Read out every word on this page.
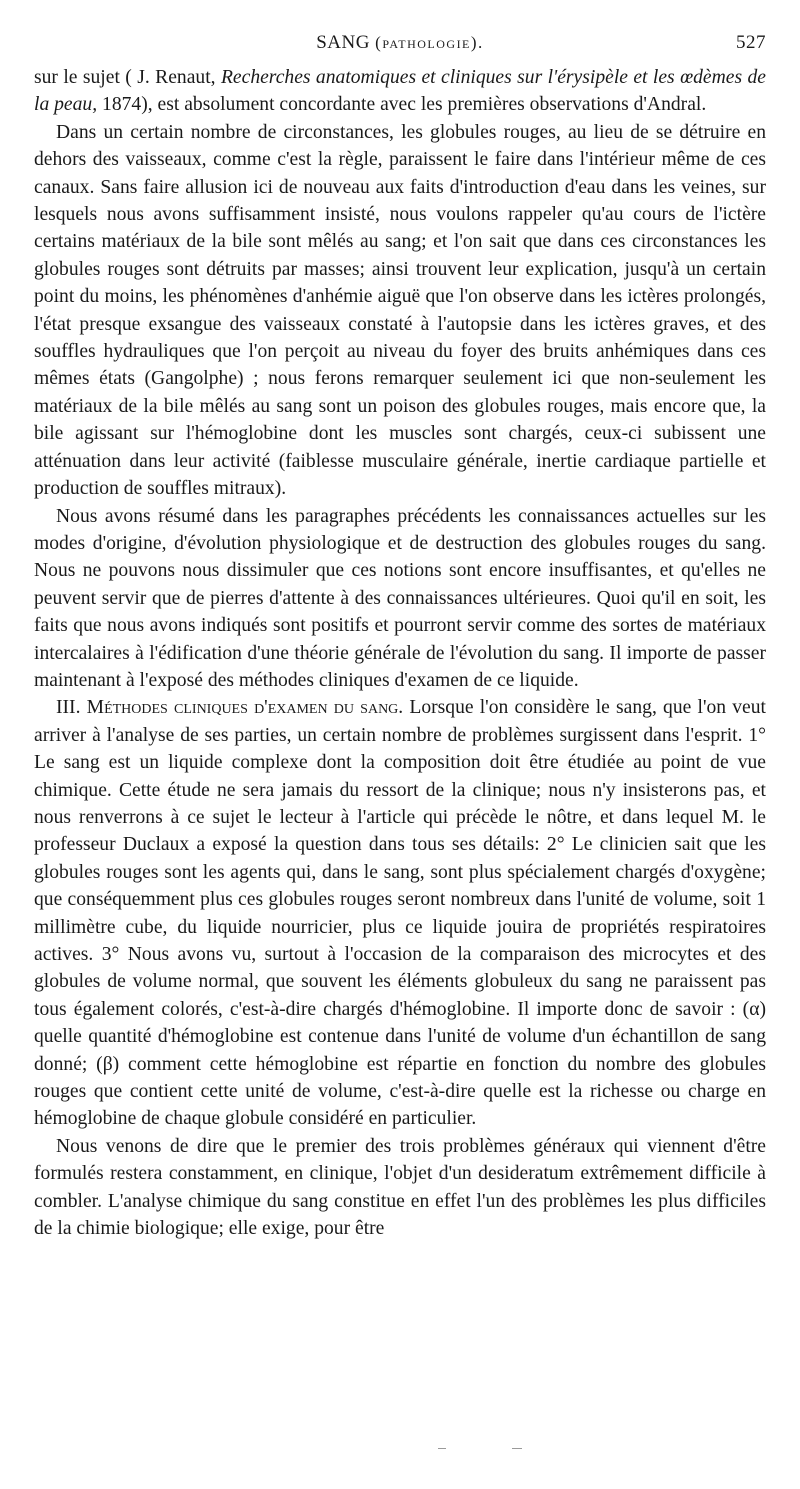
SANG (pathologie).	527

sur le sujet ( J. Renaut, Recherches anatomiques et cliniques sur l'érysipèle et les œdèmes de la peau, 1874), est absolument concordante avec les premières observations d'Andral.

Dans un certain nombre de circonstances, les globules rouges, au lieu de se détruire en dehors des vaisseaux, comme c'est la règle, paraissent le faire dans l'intérieur même de ces canaux. Sans faire allusion ici de nouveau aux faits d'introduction d'eau dans les veines, sur lesquels nous avons suffisamment insisté, nous voulons rappeler qu'au cours de l'ictère certains matériaux de la bile sont mêlés au sang; et l'on sait que dans ces circonstances les globules rouges sont détruits par masses; ainsi trouvent leur explication, jusqu'à un certain point du moins, les phénomènes d'anhémie aiguë que l'on observe dans les ictères prolongés, l'état presque exsangue des vaisseaux constaté à l'autopsie dans les ictères graves, et des souffles hydrauliques que l'on perçoit au niveau du foyer des bruits anhémiques dans ces mêmes états (Gangolphe) ; nous ferons remarquer seulement ici que non-seulement les matériaux de la bile mêlés au sang sont un poison des globules rouges, mais encore que, la bile agissant sur l'hémoglobine dont les muscles sont chargés, ceux-ci subissent une atténuation dans leur activité (faiblesse musculaire générale, inertie cardiaque partielle et production de souffles mitraux).

Nous avons résumé dans les paragraphes précédents les connaissances actuelles sur les modes d'origine, d'évolution physiologique et de destruction des globules rouges du sang. Nous ne pouvons nous dissimuler que ces notions sont encore insuffisantes, et qu'elles ne peuvent servir que de pierres d'attente à des connaissances ultérieures. Quoi qu'il en soit, les faits que nous avons indiqués sont positifs et pourront servir comme des sortes de matériaux intercalaires à l'édification d'une théorie générale de l'évolution du sang. Il importe de passer maintenant à l'exposé des méthodes cliniques d'examen de ce liquide.

III. Méthodes cliniques d'examen du sang. Lorsque l'on considère le sang, que l'on veut arriver à l'analyse de ses parties, un certain nombre de problèmes surgissent dans l'esprit. 1° Le sang est un liquide complexe dont la composition doit être étudiée au point de vue chimique. Cette étude ne sera jamais du ressort de la clinique; nous n'y insisterons pas, et nous renverrons à ce sujet le lecteur à l'article qui précède le nôtre, et dans lequel M. le professeur Duclaux a exposé la question dans tous ses détails: 2° Le clinicien sait que les globules rouges sont les agents qui, dans le sang, sont plus spécialement chargés d'oxygène; que conséquemment plus ces globules rouges seront nombreux dans l'unité de volume, soit 1 millimètre cube, du liquide nourricier, plus ce liquide jouira de propriétés respiratoires actives. 3° Nous avons vu, surtout à l'occasion de la comparaison des microcytes et des globules de volume normal, que souvent les éléments globuleux du sang ne paraissent pas tous également colorés, c'est-à-dire chargés d'hémoglobine. Il importe donc de savoir : (α) quelle quantité d'hémoglobine est contenue dans l'unité de volume d'un échantillon de sang donné; (β) comment cette hémoglobine est répartie en fonction du nombre des globules rouges que contient cette unité de volume, c'est-à-dire quelle est la richesse ou charge en hémoglobine de chaque globule considéré en particulier.

Nous venons de dire que le premier des trois problèmes généraux qui viennent d'être formulés restera constamment, en clinique, l'objet d'un desideratum extrêmement difficile à combler. L'analyse chimique du sang constitue en effet l'un des problèmes les plus difficiles de la chimie biologique; elle exige, pour être
